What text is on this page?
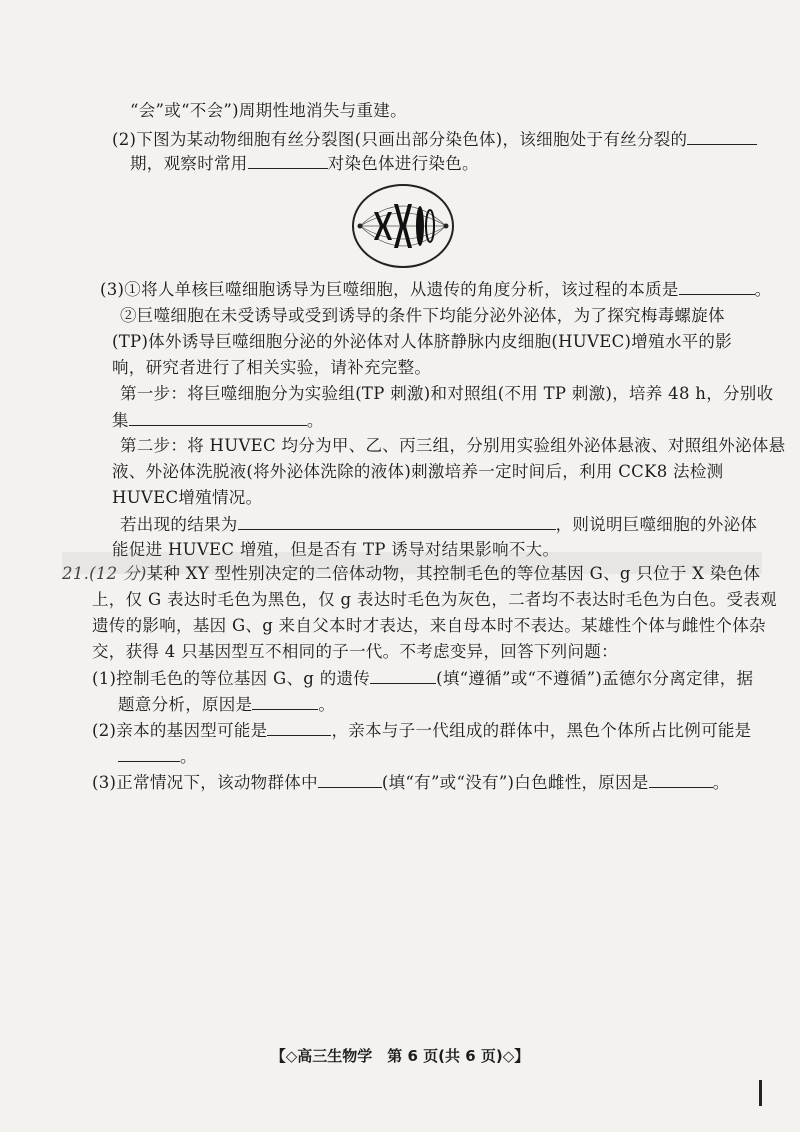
“会”或“不会”)周期性地消失与重建。
(2)下图为某动物细胞有丝分裂图(只画出部分染色体)，该细胞处于有丝分裂的
期，观察时常用	对染色体进行染色。
(3)①将人单核巨噬细胞诱导为巨噬细胞，从遗传的角度分析，该过程的本质是	。
②巨噬细胞在未受诱导或受到诱导的条件下均能分泌外泌体，为了探究梅毒螺旋体
(TP)体外诱导巨噬细胞分泌的外泌体对人体脐静脉内皮细胞(HUVEC)增殖水平的影
响，研究者进行了相关实验，请补充完整。
第一步：将巨噬细胞分为实验组(TP 刺激)和对照组(不用 TP 刺激)，培养 48 h，分别收
集	。
第二步：将 HUVEC 均分为甲、乙、丙三组，分别用实验组外泌体悬液、对照组外泌体悬
液、外泌体洗脱液(将外泌体洗除的液体)刺激培养一定时间后，利用 CCK8 法检测
HUVEC增殖情况。
若出现的结果为	，则说明巨噬细胞的外泌体
能促进 HUVEC 增殖，但是否有 TP 诱导对结果影响不大。
21.(12 分)某种 XY 型性别决定的二倍体动物，其控制毛色的等位基因 G、g 只位于 X 染色体
上，仅 G 表达时毛色为黑色，仅 g 表达时毛色为灰色，二者均不表达时毛色为白色。受表观
遗传的影响，基因 G、g 来自父本时才表达，来自母本时不表达。某雄性个体与雌性个体杂
交，获得 4 只基因型互不相同的子一代。不考虑变异，回答下列问题：
(1)控制毛色的等位基因 G、g 的遗传	(填“遵循”或“不遵循”)孟德尔分离定律，据
题意分析，原因是	。
(2)亲本的基因型可能是	，亲本与子一代组成的群体中，黑色个体所占比例可能是
。
(3)正常情况下，该动物群体中	(填“有”或“没有”)白色雌性，原因是	。
【◇高三生物学　第 6 页(共 6 页)◇】
